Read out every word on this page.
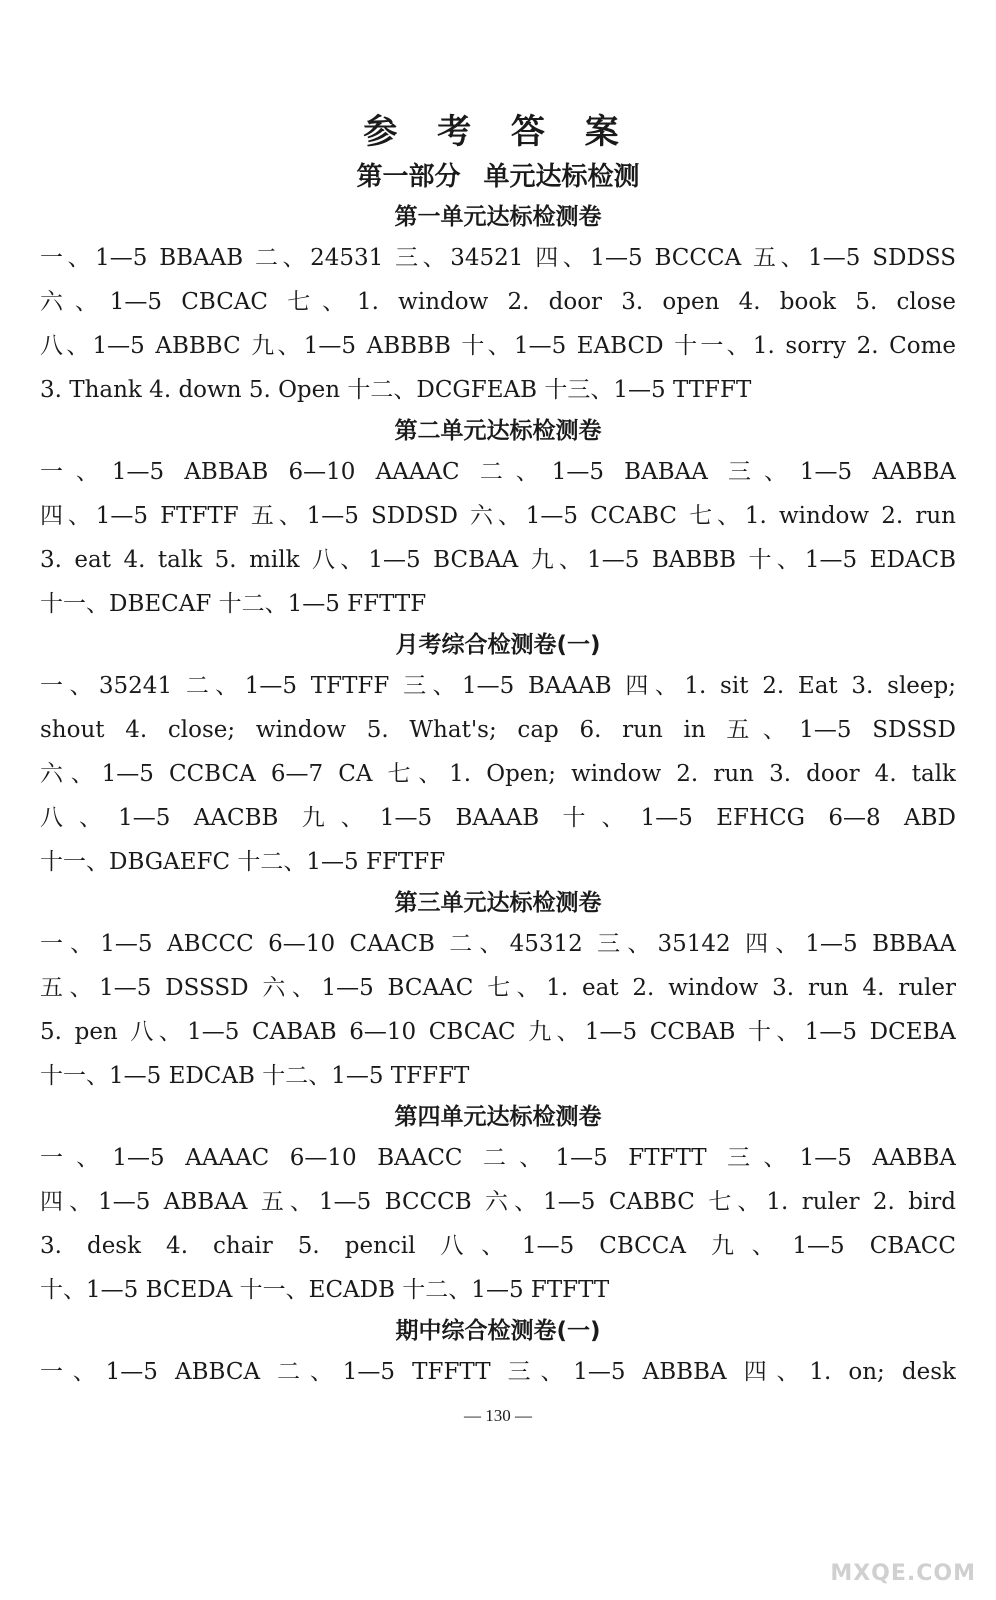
参 考 答 案
第一部分 单元达标检测
第一单元达标检测卷
一、1—5 BBAAB 二、24531 三、34521 四、1—5 BCCCA 五、1—5 SDDSS
六、1—5 CBCAC 七、1. window 2. door 3. open 4. book 5. close
八、1—5 ABBBC 九、1—5 ABBBB 十、1—5 EABCD 十一、1. sorry 2. Come
3. Thank 4. down 5. Open 十二、DCGFEAB 十三、1—5 TTFFT
第二单元达标检测卷
一、1—5 ABBAB 6—10 AAAAC 二、1—5 BABAA 三、1—5 AABBA
四、1—5 FTFTF 五、1—5 SDDSD 六、1—5 CCABC 七、1. window 2. run
3. eat 4. talk 5. milk 八、1—5 BCBAA 九、1—5 BABBB 十、1—5 EDACB
十一、DBECAF 十二、1—5 FFTTF
月考综合检测卷(一)
一、35241 二、1—5 TFTFF 三、1—5 BAAAB 四、1. sit 2. Eat 3. sleep;
shout 4. close; window 5. What's; cap 6. run in 五、1—5 SDSSD
六、1—5 CCBCA 6—7 CA 七、1. Open; window 2. run 3. door 4. talk
八、1—5 AACBB 九、1—5 BAAAB 十、1—5 EFHCG 6—8 ABD
十一、DBGAEFC 十二、1—5 FFTFF
第三单元达标检测卷
一、1—5 ABCCC 6—10 CAACB 二、45312 三、35142 四、1—5 BBBAA
五、1—5 DSSSD 六、1—5 BCAAC 七、1. eat 2. window 3. run 4. ruler
5. pen 八、1—5 CABAB 6—10 CBCAC 九、1—5 CCBAB 十、1—5 DCEBA
十一、1—5 EDCAB 十二、1—5 TFFFT
第四单元达标检测卷
一、1—5 AAAAC 6—10 BAACC 二、1—5 FTFTT 三、1—5 AABBA
四、1—5 ABBAA 五、1—5 BCCCB 六、1—5 CABBC 七、1. ruler 2. bird
3. desk 4. chair 5. pencil 八、1—5 CBCCA 九、1—5 CBACC
十、1—5 BCEDA 十一、ECADB 十二、1—5 FTFTT
期中综合检测卷(一)
一、1—5 ABBCA 二、1—5 TFFTT 三、1—5 ABBBA 四、1. on; desk
— 130 —
MXQE.COM
